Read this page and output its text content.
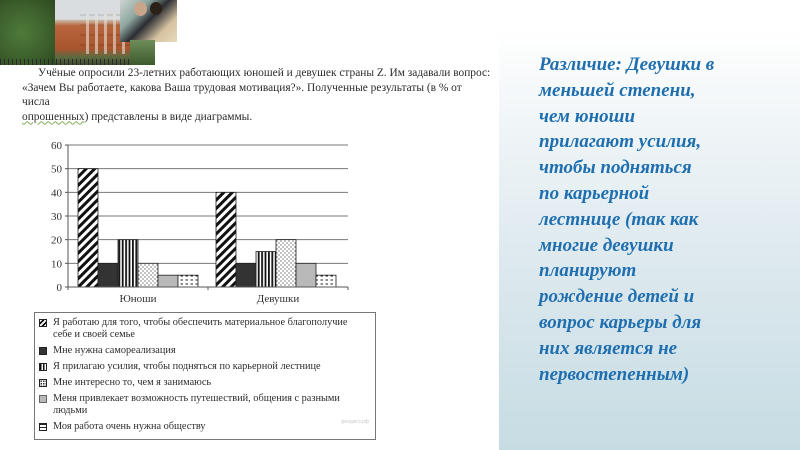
Учёные опросили 23-летних работающих юношей и девушек страны Z. Им задавали вопрос:
«Зачем Вы работаете, какова Ваша трудовая мотивация?». Полученные результаты (в % от числа
опрошенных) представлены в виде диаграммы.
0
10
20
30
40
50
60
Юноши	Девушки
Я работаю для того, чтобы обеспечить материальное благополучие
себе и своей семье
Мне нужна самореализация
Я прилагаю усилия, чтобы подняться по карьерной лестнице
Мне интересно то, чем я занимаюсь
Меня привлекает возможность путешествий, общения с разными
людьми
Моя работа очень нужна обществу	решуегэ.рф
Различие: Девушки в
меньшей степени,
чем юноши
прилагают усилия,
чтобы подняться
по карьерной
лестнице (так как
многие девушки
планируют
рождение детей и
вопрос карьеры для
них является не
первостепенным)
